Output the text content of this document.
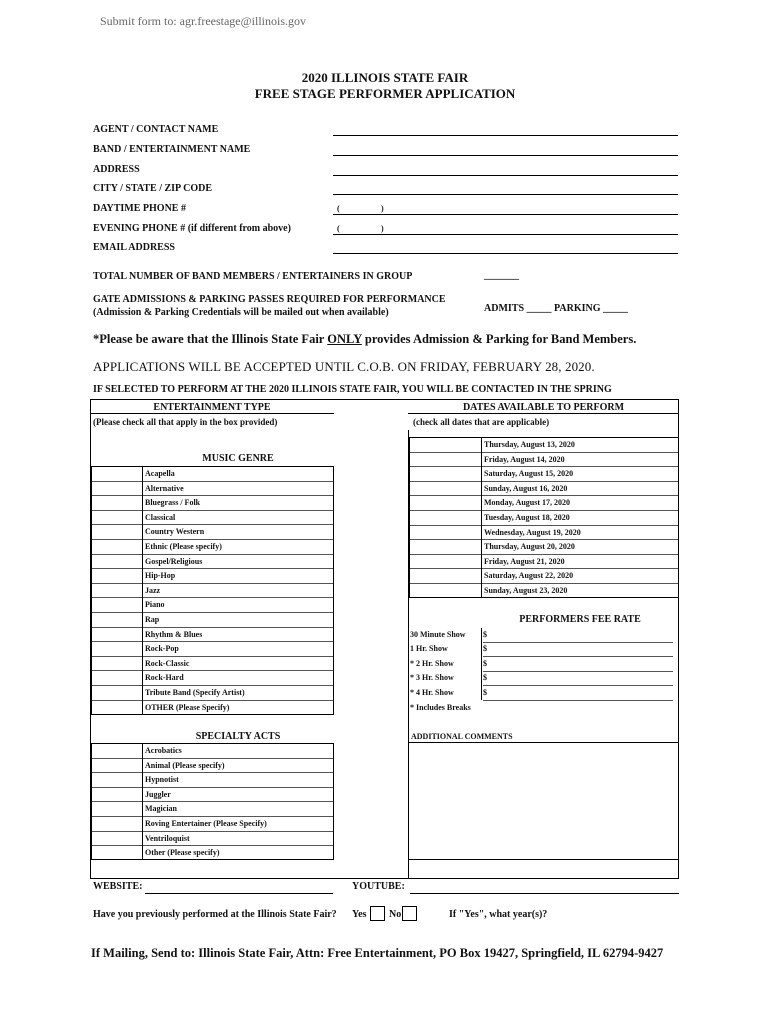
Submit form to: agr.freestage@illinois.gov
2020 ILLINOIS STATE FAIR
FREE STAGE PERFORMER APPLICATION
AGENT / CONTACT NAME
BAND / ENTERTAINMENT NAME
ADDRESS
CITY / STATE / ZIP CODE
DAYTIME PHONE #	(	)
EVENING PHONE # (if different from above)	(	)
EMAIL ADDRESS
TOTAL NUMBER OF BAND MEMBERS / ENTERTAINERS IN GROUP	_______
GATE ADMISSIONS & PARKING PASSES REQUIRED FOR PERFORMANCE
(Admission & Parking Credentials will be mailed out when available)	ADMITS _____ PARKING _____
*Please be aware that the Illinois State Fair ONLY provides Admission & Parking for Band Members.
APPLICATIONS WILL BE ACCEPTED UNTIL C.O.B. ON FRIDAY, FEBRUARY 28, 2020.
IF SELECTED TO PERFORM AT THE 2020 ILLINOIS STATE FAIR, YOU WILL BE CONTACTED IN THE SPRING
ENTERTAINMENT TYPE
(Please check all that apply in the box provided)
DATES AVAILABLE TO PERFORM
(check all dates that are applicable)
MUSIC GENRE
Acapella
Alternative
Bluegrass / Folk
Classical
Country Western
Ethnic (Please specify)
Gospel/Religious
Hip-Hop
Jazz
Piano
Rap
Rhythm & Blues
Rock-Pop
Rock-Classic
Rock-Hard
Tribute Band (Specify Artist)
OTHER (Please Specify)
Thursday, August 13, 2020
Friday, August 14, 2020
Saturday, August 15, 2020
Sunday, August 16, 2020
Monday, August 17, 2020
Tuesday, August 18, 2020
Wednesday, August 19, 2020
Thursday, August 20, 2020
Friday, August 21, 2020
Saturday, August 22, 2020
Sunday, August 23, 2020
PERFORMERS FEE RATE
30 Minute Show $
1 Hr. Show	$
* 2 Hr. Show	$
* 3 Hr. Show	$
* 4 Hr. Show	$
* Includes Breaks
SPECIALTY ACTS
Acrobatics
Animal (Please specify)
Hypnotist
Juggler
Magician
Roving Entertainer (Please Specify)
Ventriloquist
Other (Please specify)
ADDITIONAL COMMENTS
WEBSITE:	YOUTUBE:
Have you previously performed at the Illinois State Fair? Yes No	If "Yes", what year(s)?
If Mailing, Send to: Illinois State Fair, Attn: Free Entertainment, PO Box 19427, Springfield, IL 62794-9427
